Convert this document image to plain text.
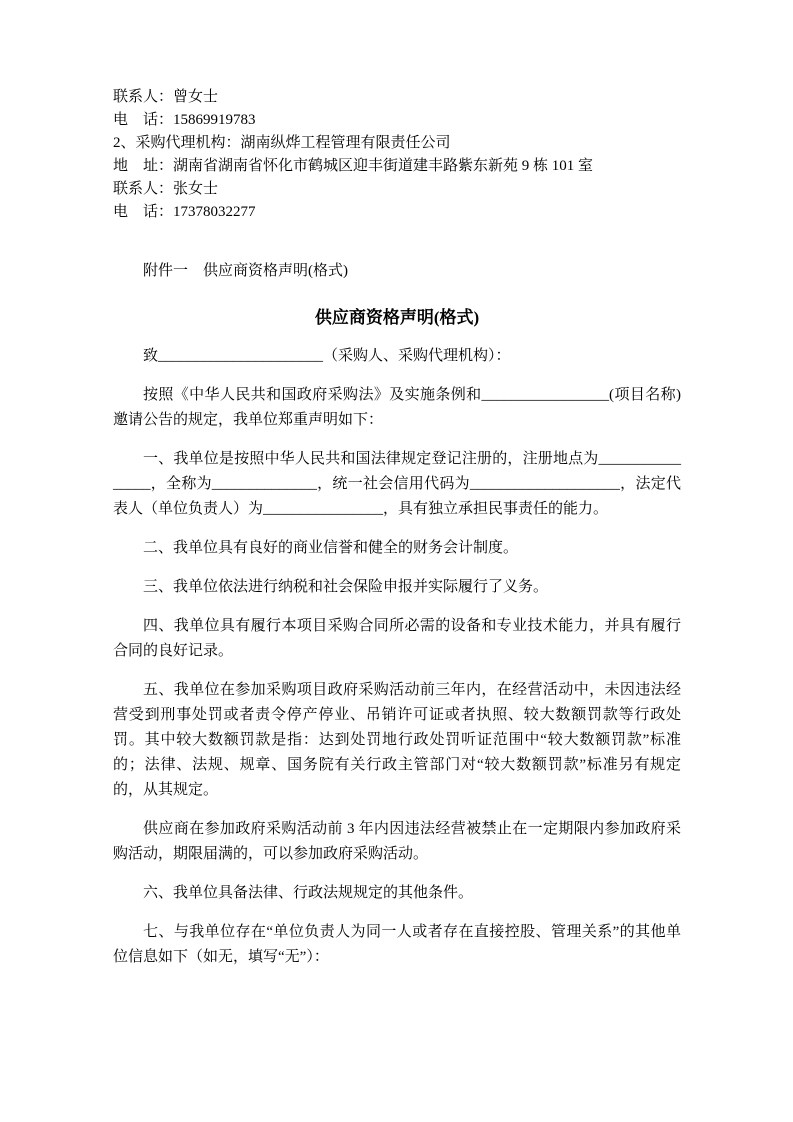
联系人：曾女士

电　话：15869919783

2、采购代理机构：湖南纵烨工程管理有限责任公司

地　址：湖南省湖南省怀化市鹤城区迎丰街道建丰路紫东新苑 9 栋 101 室

联系人：张女士

电　话：17378032277

附件一　供应商资格声明(格式)

供应商资格声明(格式)

致______________________（采购人、采购代理机构）：

按照《中华人民共和国政府采购法》及实施条例和_________________(项目名称)邀请公告的规定，我单位郑重声明如下：

一、我单位是按照中华人民共和国法律规定登记注册的，注册地点为________________，全称为______________，统一社会信用代码为____________________，法定代表人（单位负责人）为________________，具有独立承担民事责任的能力。

二、我单位具有良好的商业信誉和健全的财务会计制度。

三、我单位依法进行纳税和社会保险申报并实际履行了义务。

四、我单位具有履行本项目采购合同所必需的设备和专业技术能力，并具有履行合同的良好记录。

五、我单位在参加采购项目政府采购活动前三年内，在经营活动中，未因违法经营受到刑事处罚或者责令停产停业、吊销许可证或者执照、较大数额罚款等行政处罚。其中较大数额罚款是指：达到处罚地行政处罚听证范围中“较大数额罚款”标准的；法律、法规、规章、国务院有关行政主管部门对“较大数额罚款”标准另有规定的，从其规定。

供应商在参加政府采购活动前 3 年内因违法经营被禁止在一定期限内参加政府采购活动，期限届满的，可以参加政府采购活动。

六、我单位具备法律、行政法规规定的其他条件。

七、与我单位存在“单位负责人为同一人或者存在直接控股、管理关系”的其他单位信息如下（如无，填写“无”）：
